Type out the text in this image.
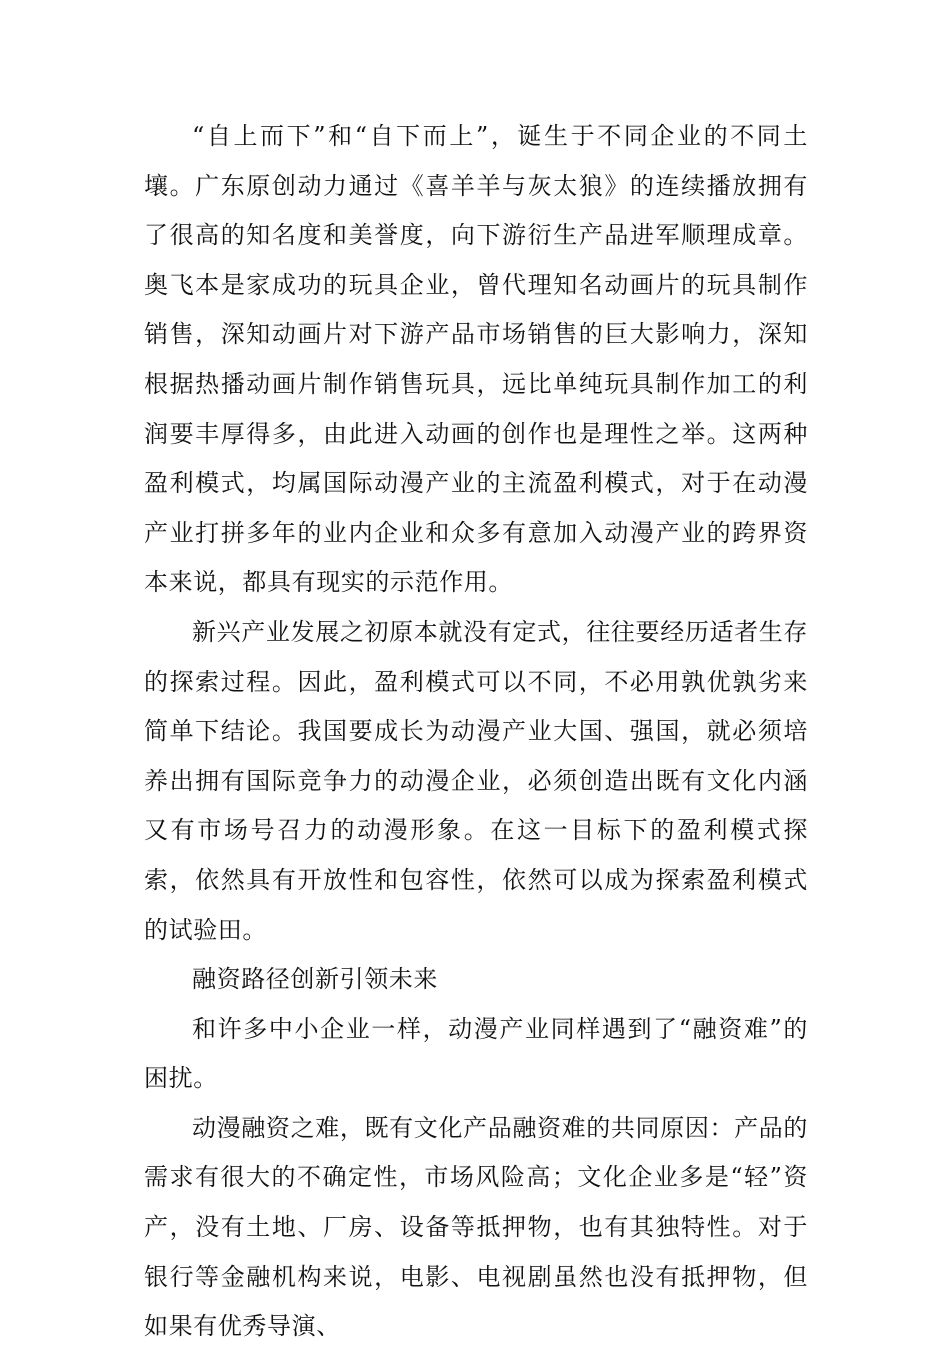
“自上而下”和“自下而上”，诞生于不同企业的不同土壤。广东原创动力通过《喜羊羊与灰太狼》的连续播放拥有了很高的知名度和美誉度，向下游衍生产品进军顺理成章。奥飞本是家成功的玩具企业，曾代理知名动画片的玩具制作销售，深知动画片对下游产品市场销售的巨大影响力，深知根据热播动画片制作销售玩具，远比单纯玩具制作加工的利润要丰厚得多，由此进入动画的创作也是理性之举。这两种盈利模式，均属国际动漫产业的主流盈利模式，对于在动漫产业打拼多年的业内企业和众多有意加入动漫产业的跨界资本来说，都具有现实的示范作用。

新兴产业发展之初原本就没有定式，往往要经历适者生存的探索过程。因此，盈利模式可以不同，不必用孰优孰劣来简单下结论。我国要成长为动漫产业大国、强国，就必须培养出拥有国际竞争力的动漫企业，必须创造出既有文化内涵又有市场号召力的动漫形象。在这一目标下的盈利模式探索，依然具有开放性和包容性，依然可以成为探索盈利模式的试验田。

融资路径创新引领未来

和许多中小企业一样，动漫产业同样遇到了“融资难”的困扰。

动漫融资之难，既有文化产品融资难的共同原因：产品的需求有很大的不确定性，市场风险高；文化企业多是“轻”资产，没有土地、厂房、设备等抵押物，也有其独特性。对于银行等金融机构来说，电影、电视剧虽然也没有抵押物，但如果有优秀导演、
